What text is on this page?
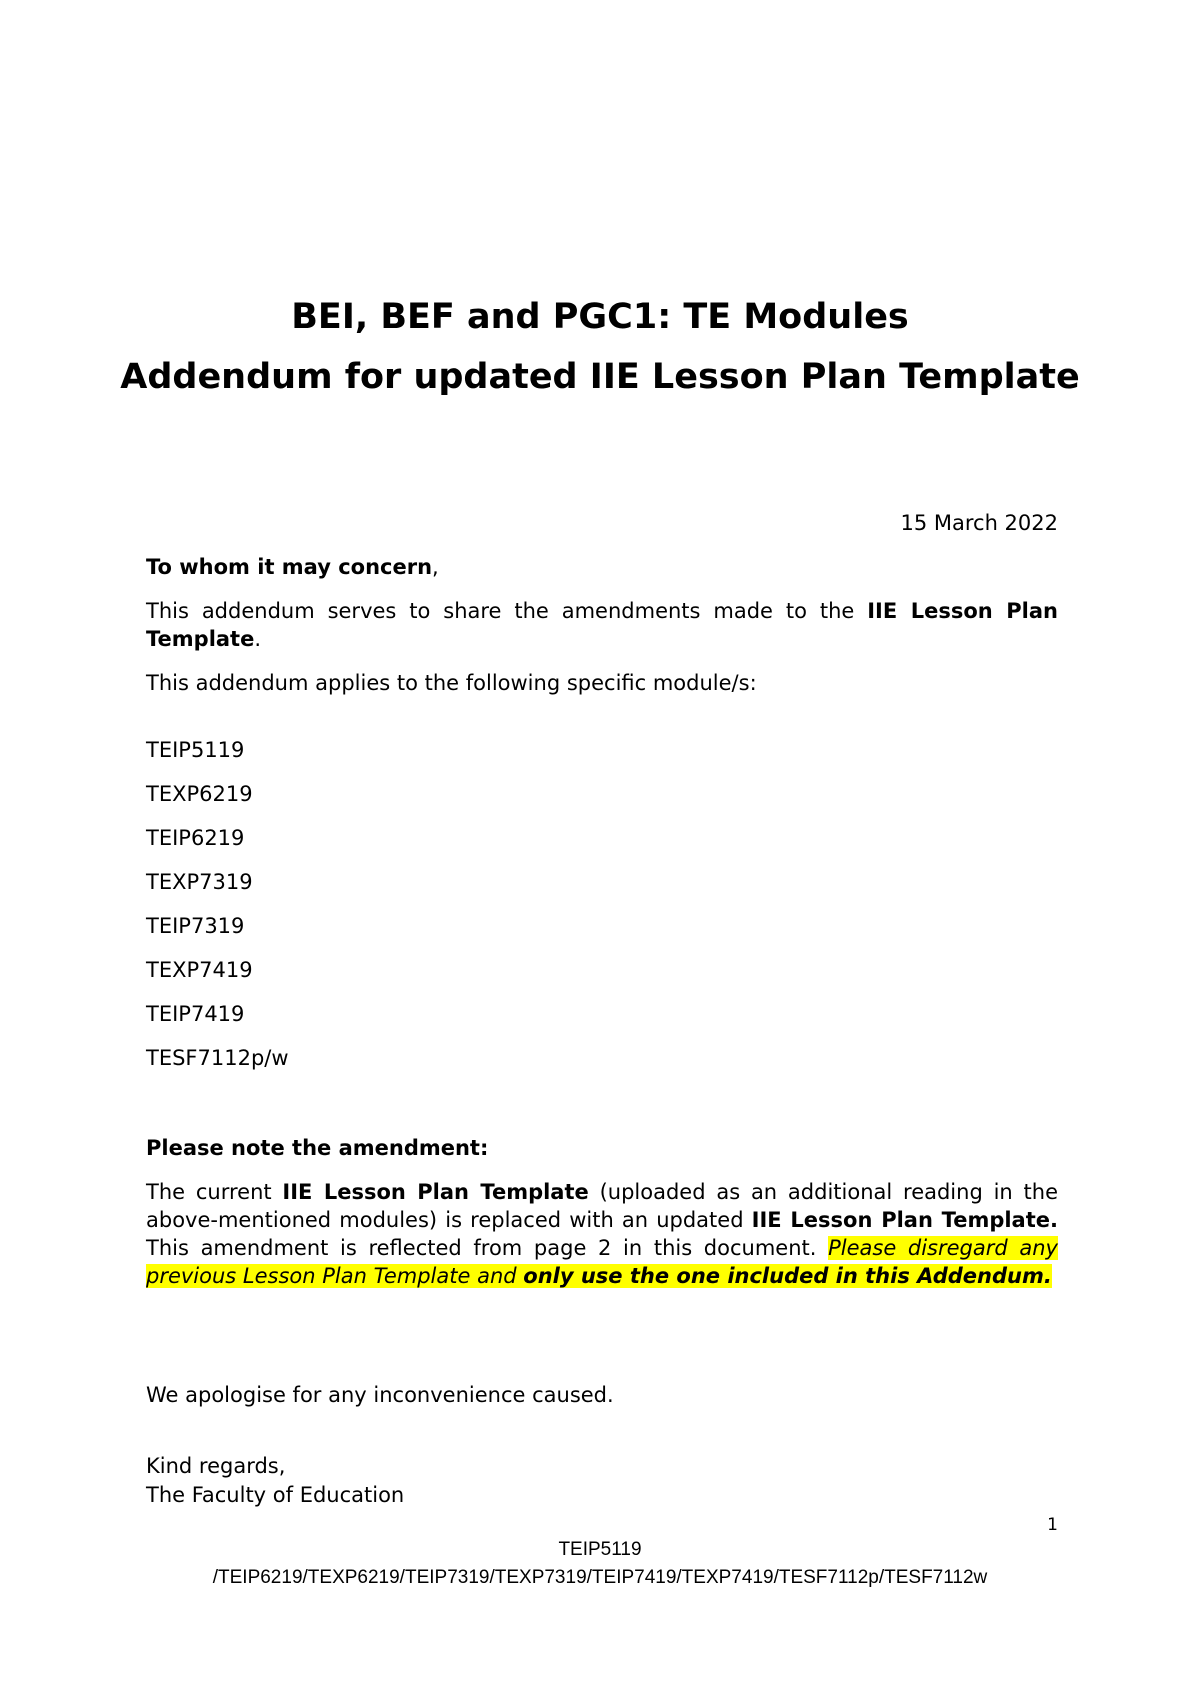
BEI, BEF and PGC1: TE Modules
Addendum for updated IIE Lesson Plan Template
15 March 2022

To whom it may concern,

This addendum serves to share the amendments made to the IIE Lesson Plan Template.

This addendum applies to the following specific module/s:

TEIP5119
TEXP6219
TEIP6219
TEXP7319
TEIP7319
TEXP7419
TEIP7419
TESF7112p/w

Please note the amendment:

The current IIE Lesson Plan Template (uploaded as an additional reading in the above-mentioned modules) is replaced with an updated IIE Lesson Plan Template. This amendment is reflected from page 2 in this document. Please disregard any previous Lesson Plan Template and only use the one included in this Addendum.

We apologise for any inconvenience caused.

Kind regards,

The Faculty of Education

1
TEIP5119
/TEIP6219/TEXP6219/TEIP7319/TEXP7319/TEIP7419/TEXP7419/TESF7112p/TESF7112w
